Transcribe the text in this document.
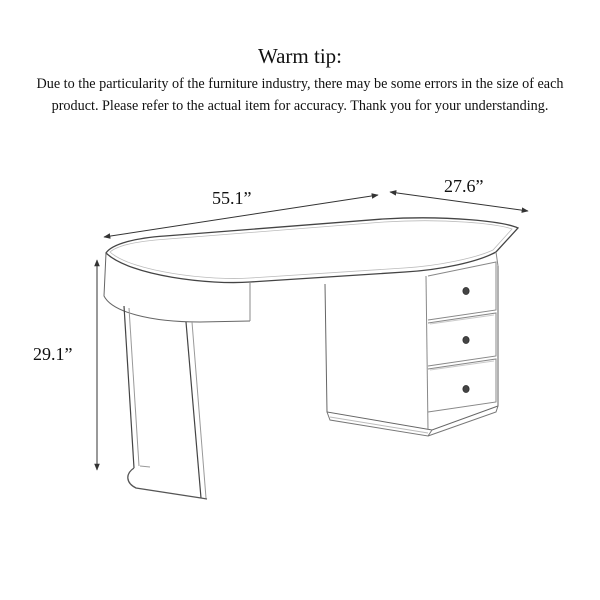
Warm tip:
Due to the particularity of the furniture industry, there may be some errors in the size of each
product. Please refer to the actual item for accuracy. Thank you for your understanding.
55.1”
27.6”
29.1”
